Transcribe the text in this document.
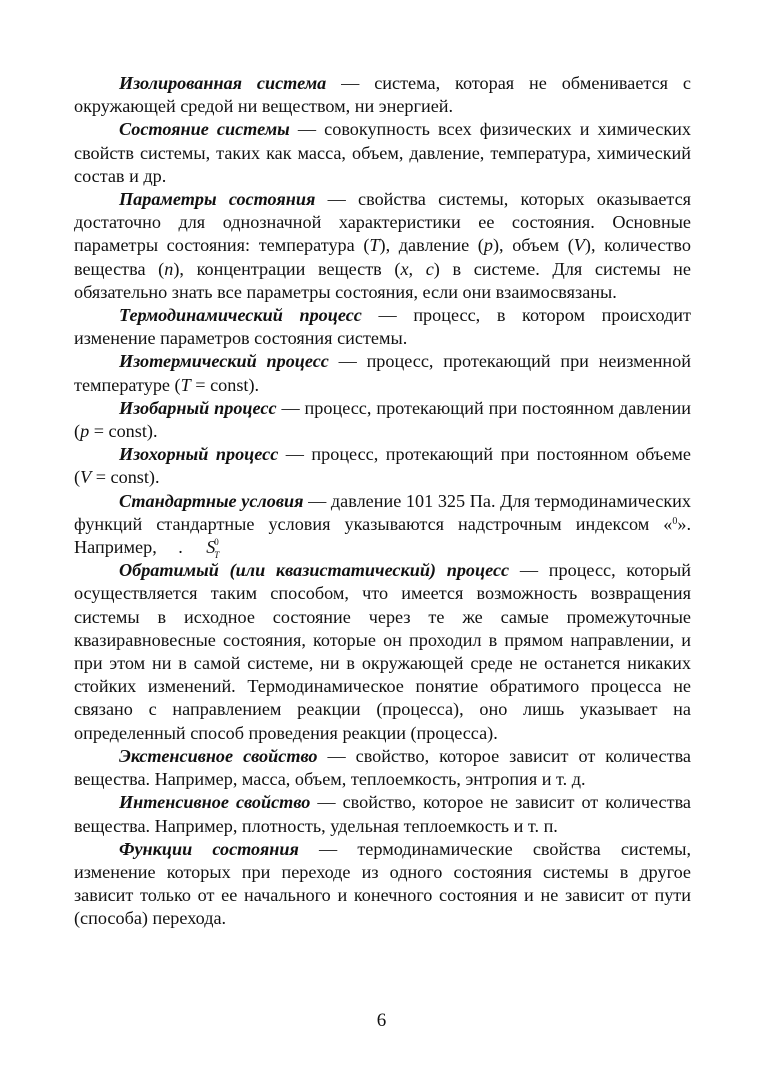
Изолированная система — система, которая не обменивается с окружающей средой ни веществом, ни энергией.

Состояние системы — совокупность всех физических и химических свойств системы, таких как масса, объем, давление, температура, химический состав и др.

Параметры состояния — свойства системы, которых оказывается достаточно для однозначной характеристики ее состояния. Основные параметры состояния: температура (T), давление (p), объем (V), количество вещества (n), концентрации веществ (x, c) в системе. Для системы не обязательно знать все параметры состояния, если они взаимосвязаны.

Термодинамический процесс — процесс, в котором происходит изменение параметров состояния системы.

Изотермический процесс — процесс, протекающий при неизменной температуре (T = const).

Изобарный процесс — процесс, протекающий при постоянном давлении (p = const).

Изохорный процесс — процесс, протекающий при постоянном объеме (V = const).

Стандартные условия — давление 101 325 Па. Для термодинамических функций стандартные условия указываются надстрочным индексом «$^0$». Например, S
0
T
.

Обратимый (или квазистатический) процесс — процесс, который осуществляется таким способом, что имеется возможность возвращения системы в исходное состояние через те же самые промежуточные квазиравновесные состояния, которые он проходил в прямом направлении, и при этом ни в самой системе, ни в окружающей среде не останется никаких стойких изменений. Термодинамическое понятие обратимого процесса не связано с направлением реакции (процесса), оно лишь указывает на определенный способ проведения реакции (процесса).

Экстенсивное свойство — свойство, которое зависит от количества вещества. Например, масса, объем, теплоемкость, энтропия и т. д.

Интенсивное свойство — свойство, которое не зависит от количества вещества. Например, плотность, удельная теплоемкость и т. п.

Функции состояния — термодинамические свойства системы, изменение которых при переходе из одного состояния системы в другое зависит только от ее начального и конечного состояния и не зависит от пути (способа) перехода.

6
